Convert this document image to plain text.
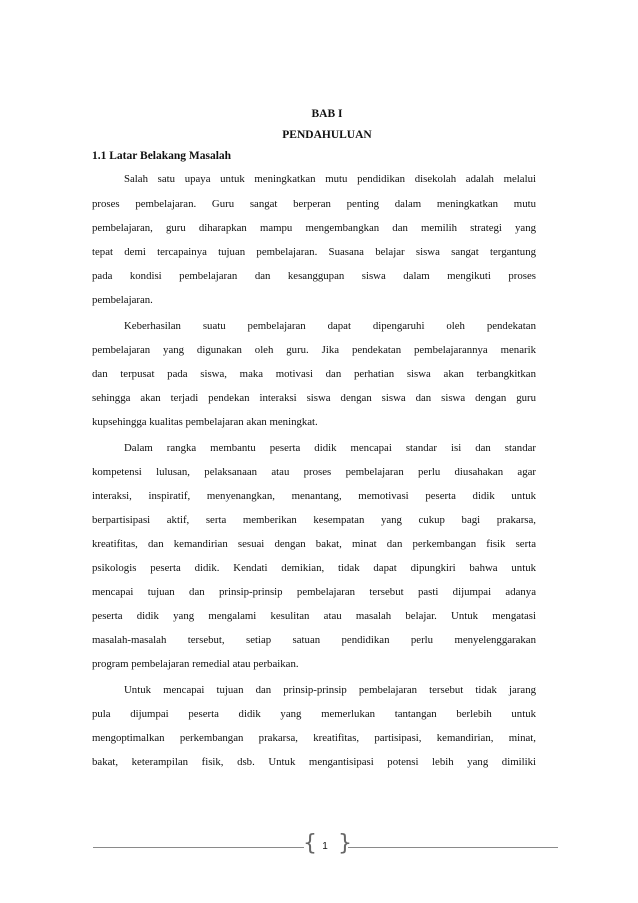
BAB I
PENDAHULUAN
1.1 Latar Belakang Masalah
Salah satu upaya untuk meningkatkan mutu pendidikan disekolah adalah melalui
proses pembelajaran. Guru sangat berperan penting dalam meningkatkan mutu
pembelajaran, guru diharapkan mampu mengembangkan dan memilih strategi yang
tepat demi tercapainya tujuan pembelajaran. Suasana belajar siswa sangat tergantung
pada kondisi pembelajaran dan kesanggupan siswa dalam mengikuti proses
pembelajaran.
Keberhasilan suatu pembelajaran dapat dipengaruhi oleh pendekatan
pembelajaran yang digunakan oleh guru. Jika pendekatan pembelajarannya menarik
dan terpusat pada siswa, maka motivasi dan perhatian siswa akan terbangkitkan
sehingga akan terjadi pendekan interaksi siswa dengan siswa dan siswa dengan guru
kupsehingga kualitas pembelajaran akan meningkat.
Dalam rangka membantu peserta didik mencapai standar isi dan standar
kompetensi lulusan, pelaksanaan atau proses pembelajaran perlu diusahakan agar
interaksi, inspiratif, menyenangkan, menantang, memotivasi peserta didik untuk
berpartisipasi aktif, serta memberikan kesempatan yang cukup bagi prakarsa,
kreatifitas, dan kemandirian sesuai dengan bakat, minat dan perkembangan fisik serta
psikologis peserta didik. Kendati demikian, tidak dapat dipungkiri bahwa untuk
mencapai tujuan dan prinsip-prinsip pembelajaran tersebut pasti dijumpai adanya
peserta didik yang mengalami kesulitan atau masalah belajar. Untuk mengatasi
masalah-masalah tersebut, setiap satuan pendidikan perlu menyelenggarakan
program pembelajaran remedial atau perbaikan.
Untuk mencapai tujuan dan prinsip-prinsip pembelajaran tersebut tidak jarang
pula dijumpai peserta didik yang memerlukan tantangan berlebih untuk
mengoptimalkan perkembangan prakarsa, kreatifitas, partisipasi, kemandirian, minat,
bakat, keterampilan fisik, dsb. Untuk mengantisipasi potensi lebih yang dimiliki
{ }
1
